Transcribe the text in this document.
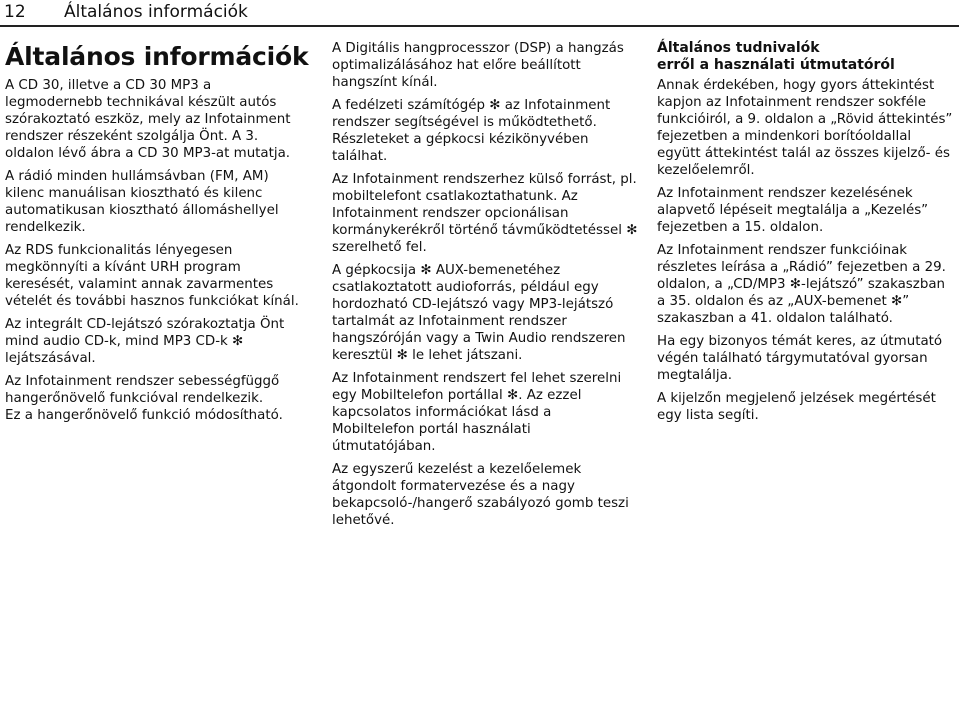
12 Általános információk
Általános információk

A CD 30, illetve a CD 30 MP3 a legmodernebb technikával készült autós szórakoztató eszköz, mely az Infotainment rendszer részeként szolgálja Önt. A 3. oldalon lévő ábra a CD 30 MP3-at mutatja.

A rádió minden hullámsávban (FM, AM) kilenc manuálisan kiosztható és kilenc automatikusan kiosztható állomáshellyel rendelkezik.

Az RDS funkcionalitás lényegesen megkönnyíti a kívánt URH program keresését, valamint annak zavarmentes vételét és további hasznos funkciókat kínál.

Az integrált CD-lejátszó szórakoztatja Önt mind audio CD-k, mind MP3 CD-k ✻ lejátszásával.

Az Infotainment rendszer sebességfüggő hangerőnövelő funkcióval rendelkezik.
Ez a hangerőnövelő funkció módosítható.

A Digitális hangprocesszor (DSP) a hangzás optimalizálásához hat előre beállított hangszínt kínál.

A fedélzeti számítógép ✻ az Infotainment rendszer segítségével is működtethető. Részleteket a gépkocsi kézikönyvében találhat.

Az Infotainment rendszerhez külső forrást, pl. mobiltelefont csatlakoztathatunk. Az Infotainment rendszer opcionálisan kormánykerékről történő távműködtetéssel ✻ szerelhető fel.

A gépkocsija ✻ AUX-bemenetéhez csatlakoztatott audioforrás, például egy hordozható CD-lejátszó vagy MP3-lejátszó tartalmát az Infotainment rendszer hangszóróján vagy a Twin Audio rendszeren keresztül ✻ le lehet játszani.

Az Infotainment rendszert fel lehet szerelni egy Mobiltelefon portállal ✻. Az ezzel kapcsolatos információkat lásd a Mobiltelefon portál használati útmutatójában.

Az egyszerű kezelést a kezelőelemek átgondolt formatervezése és a nagy bekapcsoló-/hangerő szabályozó gomb teszi lehetővé.

Általános tudnivalók
erről a használati útmutatóról

Annak érdekében, hogy gyors áttekintést kapjon az Infotainment rendszer sokféle funkcióiról, a 9. oldalon a „Rövid áttekintés” fejezetben a mindenkori borítóoldallal együtt áttekintést talál az összes kijelző- és kezelőelemről.

Az Infotainment rendszer kezelésének alapvető lépéseit megtalálja a „Kezelés” fejezetben a 15. oldalon.

Az Infotainment rendszer funkcióinak részletes leírása a „Rádió” fejezetben a 29. oldalon, a „CD/MP3 ✻-lejátszó” szakaszban a 35. oldalon és az „AUX-bemenet ✻” szakaszban a 41. oldalon található.

Ha egy bizonyos témát keres, az útmutató végén található tárgymutatóval gyorsan megtalálja.

A kijelzőn megjelenő jelzések megértését egy lista segíti.
